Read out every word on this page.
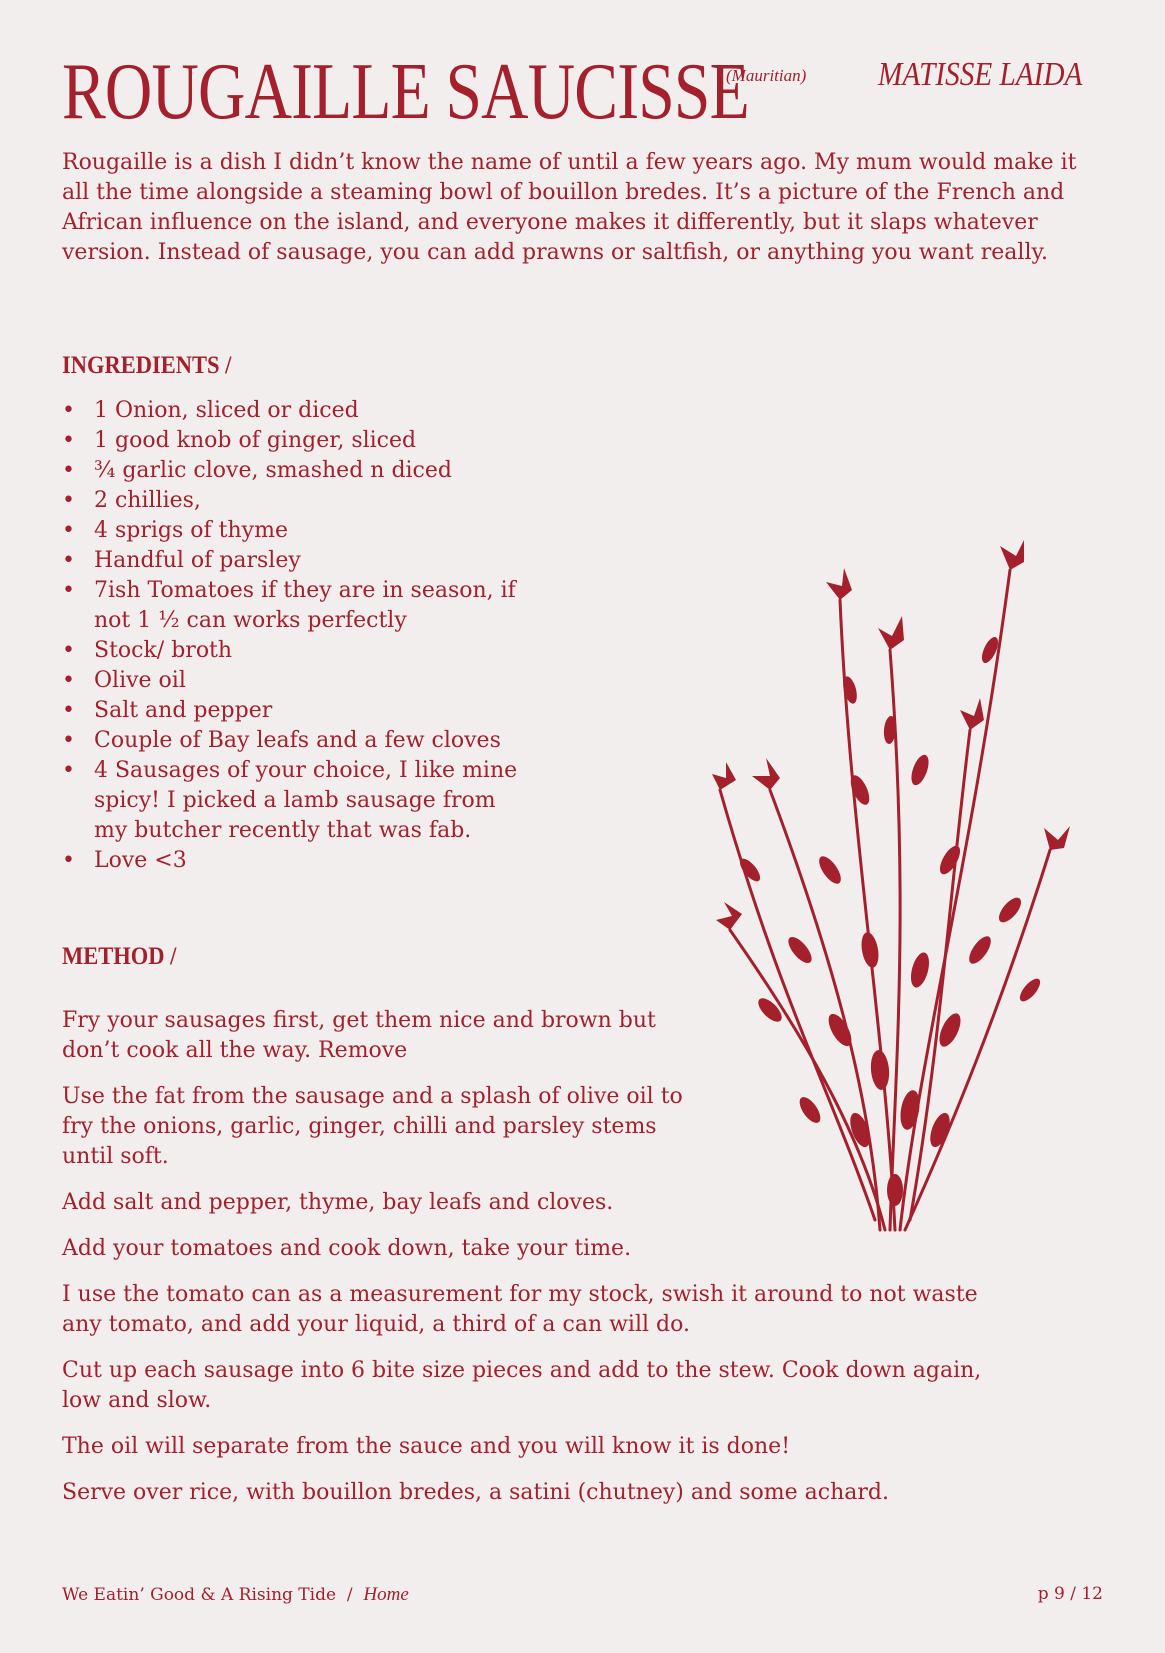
ROUGAILLE SAUCISSE
(Mauritian) MATISSE LAIDA

Rougaille is a dish I didn’t know the name of until a few years ago. My mum would make it all the time alongside a steaming bowl of bouillon bredes. It’s a picture of the French and African influence on the island, and everyone makes it differently, but it slaps whatever version. Instead of sausage, you can add prawns or saltfish, or anything you want really.

INGREDIENTS /
• 1 Onion, sliced or diced
• 1 good knob of ginger, sliced
• ¾ garlic clove, smashed n diced
• 2 chillies,
• 4 sprigs of thyme
• Handful of parsley
• 7ish Tomatoes if they are in season, if not 1 ½ can works perfectly
• Stock/ broth
• Olive oil
• Salt and pepper
• Couple of Bay leafs and a few cloves
• 4 Sausages of your choice, I like mine spicy! I picked a lamb sausage from my butcher recently that was fab.
• Love <3
METHOD /

Fry your sausages first, get them nice and brown but don’t cook all the way. Remove

Use the fat from the sausage and a splash of olive oil to fry the onions, garlic, ginger, chilli and parsley stems until soft.

Add salt and pepper, thyme, bay leafs and cloves.

Add your tomatoes and cook down, take your time.

I use the tomato can as a measurement for my stock, swish it around to not waste any tomato, and add your liquid, a third of a can will do.

Cut up each sausage into 6 bite size pieces and add to the stew. Cook down again, low and slow.

The oil will separate from the sauce and you will know it is done!

Serve over rice, with bouillon bredes, a satini (chutney) and some achard.

We Eatin’ Good & A Rising Tide / Home	p 9 / 12
